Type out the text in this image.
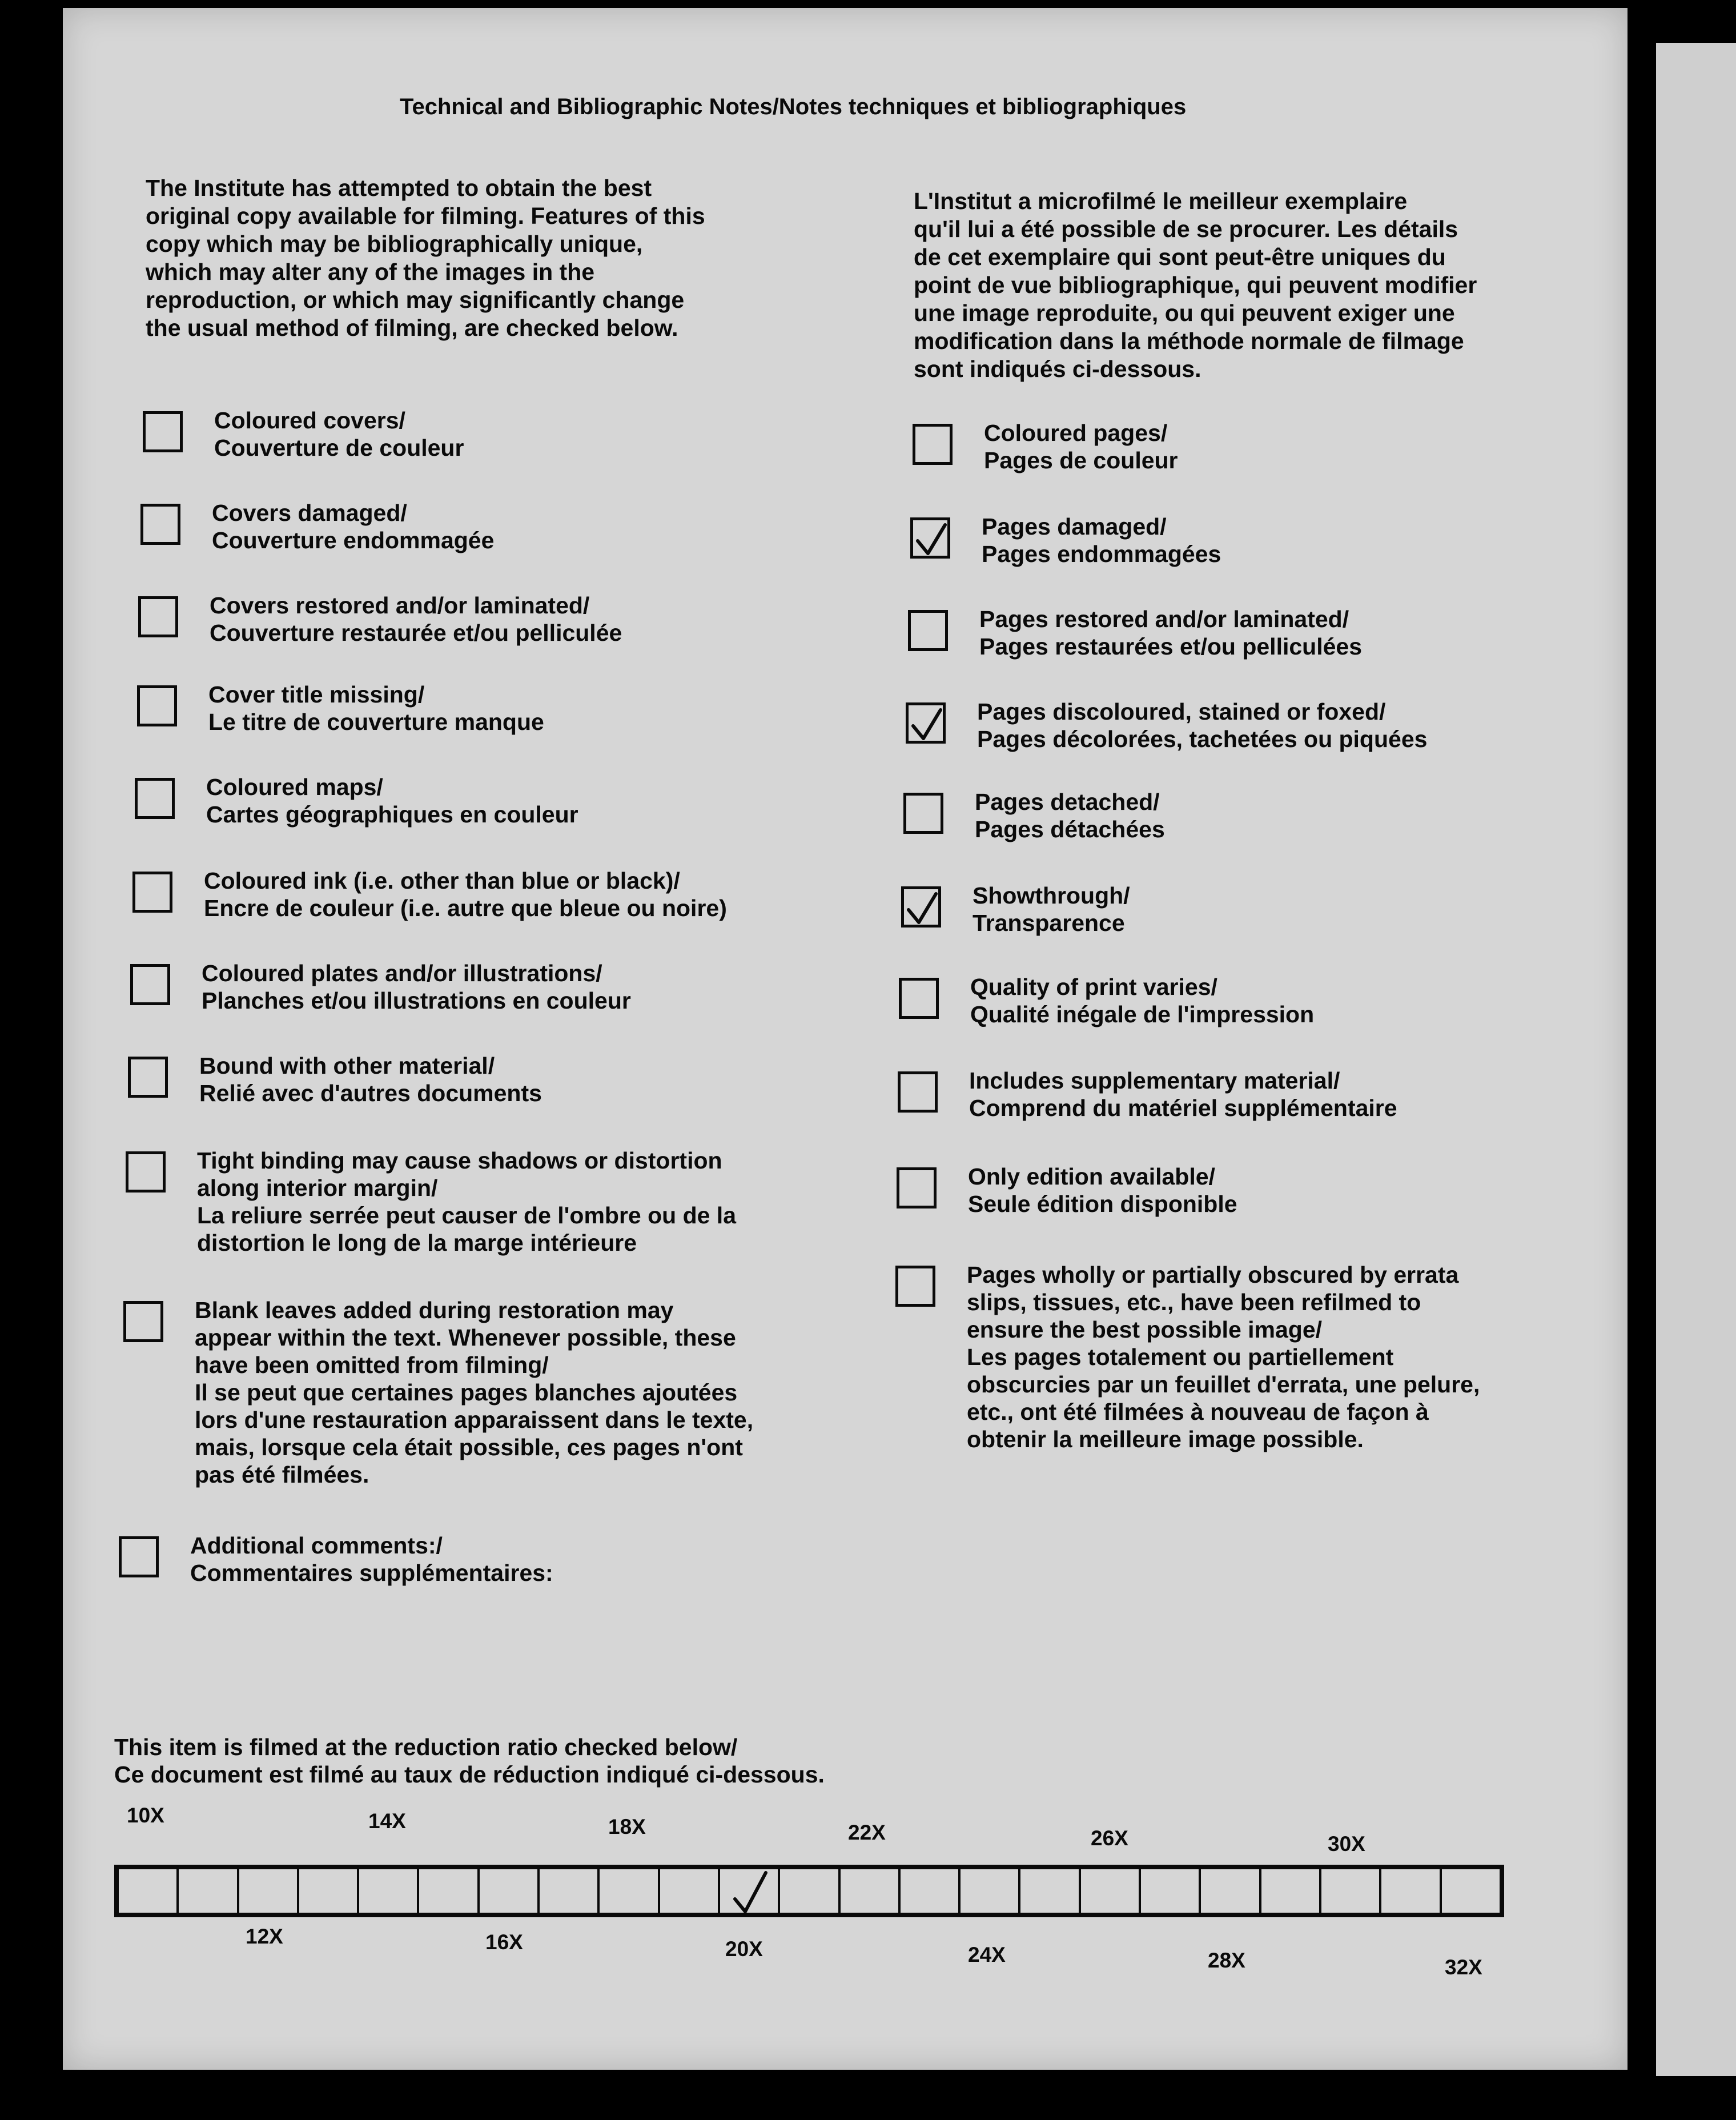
Technical and Bibliographic Notes/Notes techniques et bibliographiques
The Institute has attempted to obtain the best
original copy available for filming. Features of this
copy which may be bibliographically unique,
which may alter any of the images in the
reproduction, or which may significantly change
the usual method of filming, are checked below.
L'Institut a microfilmé le meilleur exemplaire
qu'il lui a été possible de se procurer. Les détails
de cet exemplaire qui sont peut-être uniques du
point de vue bibliographique, qui peuvent modifier
une image reproduite, ou qui peuvent exiger une
modification dans la méthode normale de filmage
sont indiqués ci-dessous.
Coloured covers/
Couverture de couleur
Covers damaged/
Couverture endommagée
Covers restored and/or laminated/
Couverture restaurée et/ou pelliculée
Cover title missing/
Le titre de couverture manque
Coloured maps/
Cartes géographiques en couleur
Coloured ink (i.e. other than blue or black)/
Encre de couleur (i.e. autre que bleue ou noire)
Coloured plates and/or illustrations/
Planches et/ou illustrations en couleur
Bound with other material/
Relié avec d'autres documents
Tight binding may cause shadows or distortion
along interior margin/
La reliure serrée peut causer de l'ombre ou de la
distortion le long de la marge intérieure
Blank leaves added during restoration may
appear within the text. Whenever possible, these
have been omitted from filming/
Il se peut que certaines pages blanches ajoutées
lors d'une restauration apparaissent dans le texte,
mais, lorsque cela était possible, ces pages n'ont
pas été filmées.
Additional comments:/
Commentaires supplémentaires:
Coloured pages/
Pages de couleur
Pages damaged/
Pages endommagées
Pages restored and/or laminated/
Pages restaurées et/ou pelliculées
Pages discoloured, stained or foxed/
Pages décolorées, tachetées ou piquées
Pages detached/
Pages détachées
Showthrough/
Transparence
Quality of print varies/
Qualité inégale de l'impression
Includes supplementary material/
Comprend du matériel supplémentaire
Only edition available/
Seule édition disponible
Pages wholly or partially obscured by errata
slips, tissues, etc., have been refilmed to
ensure the best possible image/
Les pages totalement ou partiellement
obscurcies par un feuillet d'errata, une pelure,
etc., ont été filmées à nouveau de façon à
obtenir la meilleure image possible.
This item is filmed at the reduction ratio checked below/
Ce document est filmé au taux de réduction indiqué ci-dessous.
10X	14X	18X	22X	26X	30X
12X	16X	20X	24X	28X	32X
